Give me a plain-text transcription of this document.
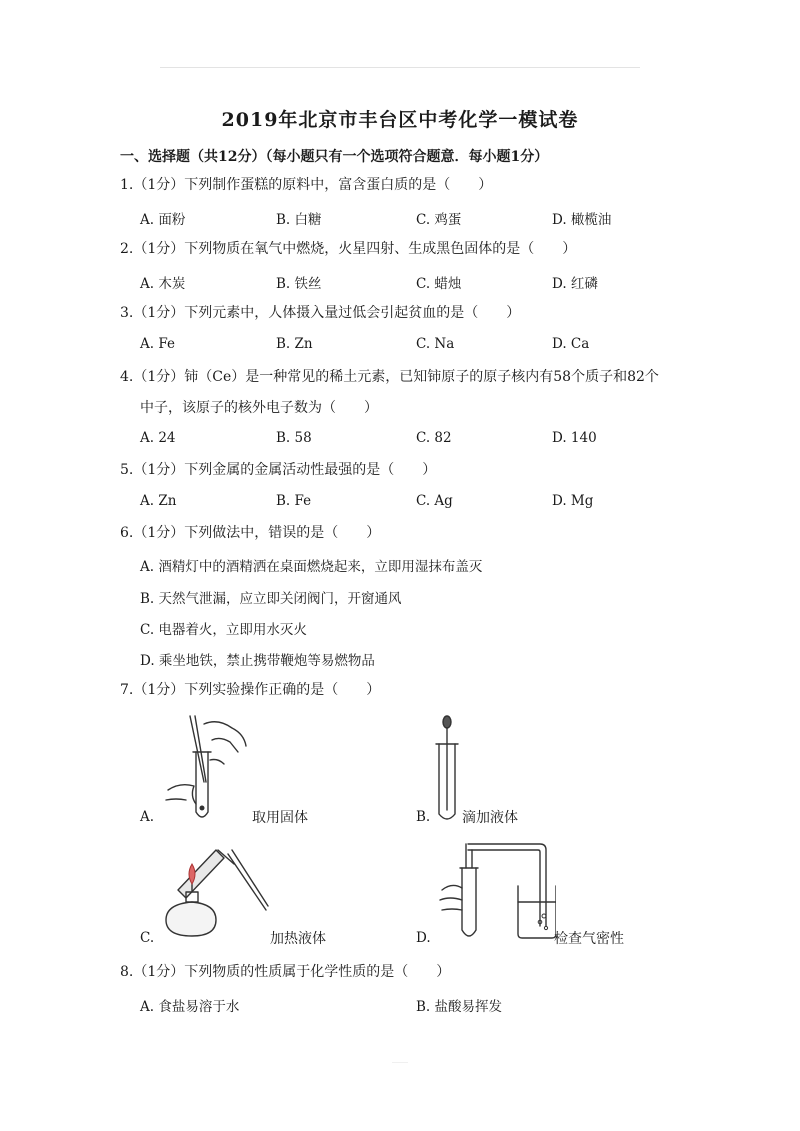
2019年北京市丰台区中考化学一模试卷
一、选择题（共12分）（每小题只有一个选项符合题意．每小题1分）
1.（1分）下列制作蛋糕的原料中，富含蛋白质的是（　　）
A. 面粉	B. 白糖	C. 鸡蛋	D. 橄榄油
2.（1分）下列物质在氧气中燃烧，火星四射、生成黑色固体的是（　　）
A. 木炭	B. 铁丝	C. 蜡烛	D. 红磷
3.（1分）下列元素中，人体摄入量过低会引起贫血的是（　　）
A. Fe	B. Zn	C. Na	D. Ca
4.（1分）铈（Ce）是一种常见的稀土元素，已知铈原子的原子核内有58个质子和82个
中子，该原子的核外电子数为（　　）
A. 24	B. 58	C. 82	D. 140
5.（1分）下列金属的金属活动性最强的是（　　）
A. Zn	B. Fe	C. Ag	D. Mg
6.（1分）下列做法中，错误的是（　　）
A. 酒精灯中的酒精洒在桌面燃烧起来，立即用湿抹布盖灭
B. 天然气泄漏，应立即关闭阀门，开窗通风
C. 电器着火，立即用水灭火
D. 乘坐地铁，禁止携带鞭炮等易燃物品
7.（1分）下列实验操作正确的是（　　）
A.	取用固体	B. 滴加液体
C.	加热液体	D.	检查气密性
8.（1分）下列物质的性质属于化学性质的是（　　）
A. 食盐易溶于水	B. 盐酸易挥发
